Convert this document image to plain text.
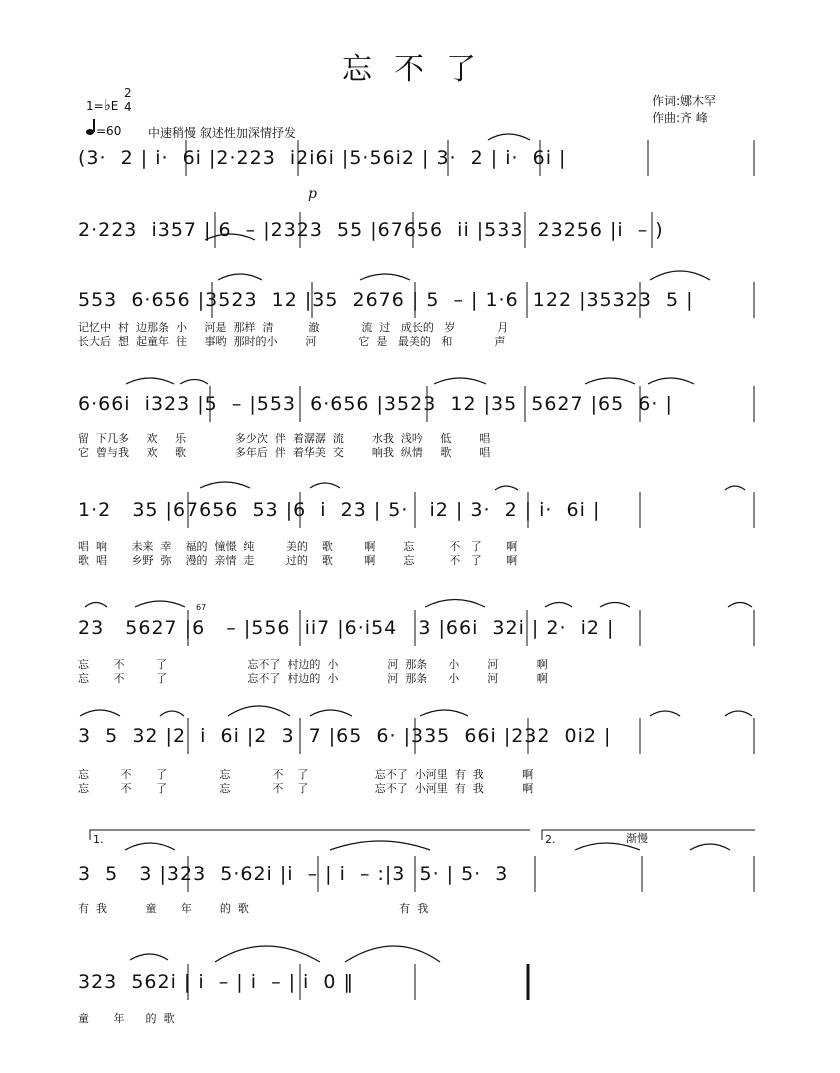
忘不了
1=♭E
2
4
=60 中速稍慢 叙述性加深情抒发
作词:娜木罕
作曲:齐 峰
(3·  2 | i·  6i |2·223  i2i6i |5·56i2 | 3·  2 | i·  6i |
p
2·223  i357 | 6  – |2323  55 |67656  ii |533  23256 |i  – )
553  6·656 |3523  12 |35  2676 | 5  – | 1·6  122 |35323  5 |
记忆中  村  边那条  小     河是  那样  清          澈            流  过   成长的   岁            月
长大后  想  起童年  往     事哟  那时的小        河            它  是   最美的   和            声
6·66i  i323 |5  – |553  6·656 |3523  12 |35  5627 |65  6· |
留  下几多     欢     乐              多少次  伴  着潺潺  流        水我  浅吟     低        唱
它  曾与我     欢     歌              多年后  伴  着华美  交        响我  纵情     歌        唱
1·2   35 |67656  53 |6  i  23 | 5·   i2 | 3·  2 | i·  6i |
唱  响       未来  幸    福的  憧憬  纯         美的    歌         啊        忘          不   了       啊
歌  唱       乡野  弥    漫的  亲情  走         过的    歌         啊        忘          不   了       啊
67
23   5627 |6   – |556  ii7 |6·i54   3 |66i  32i | 2·  i2 |
忘       不         了                       忘不了  村边的  小              河  那条      小        河           啊
忘       不         了                       忘不了  村边的  小              河  那条      小        河           啊
3  5  32 |2  i  6i |2  3  7 |65  6· |335  66i |232  0i2 |
忘         不       了               忘            不    了                   忘不了  小河里  有  我           啊
忘         不       了               忘            不    了                   忘不了  小河里  有  我           啊
1.	2.	渐慢
3  5   3 |323  5·62i |i  – | i  – :|3  5· | 5·  3
有  我           童       年        的  歌                                           有  我
323  562i | i  – | i  – | i  0 ‖
童       年      的  歌
